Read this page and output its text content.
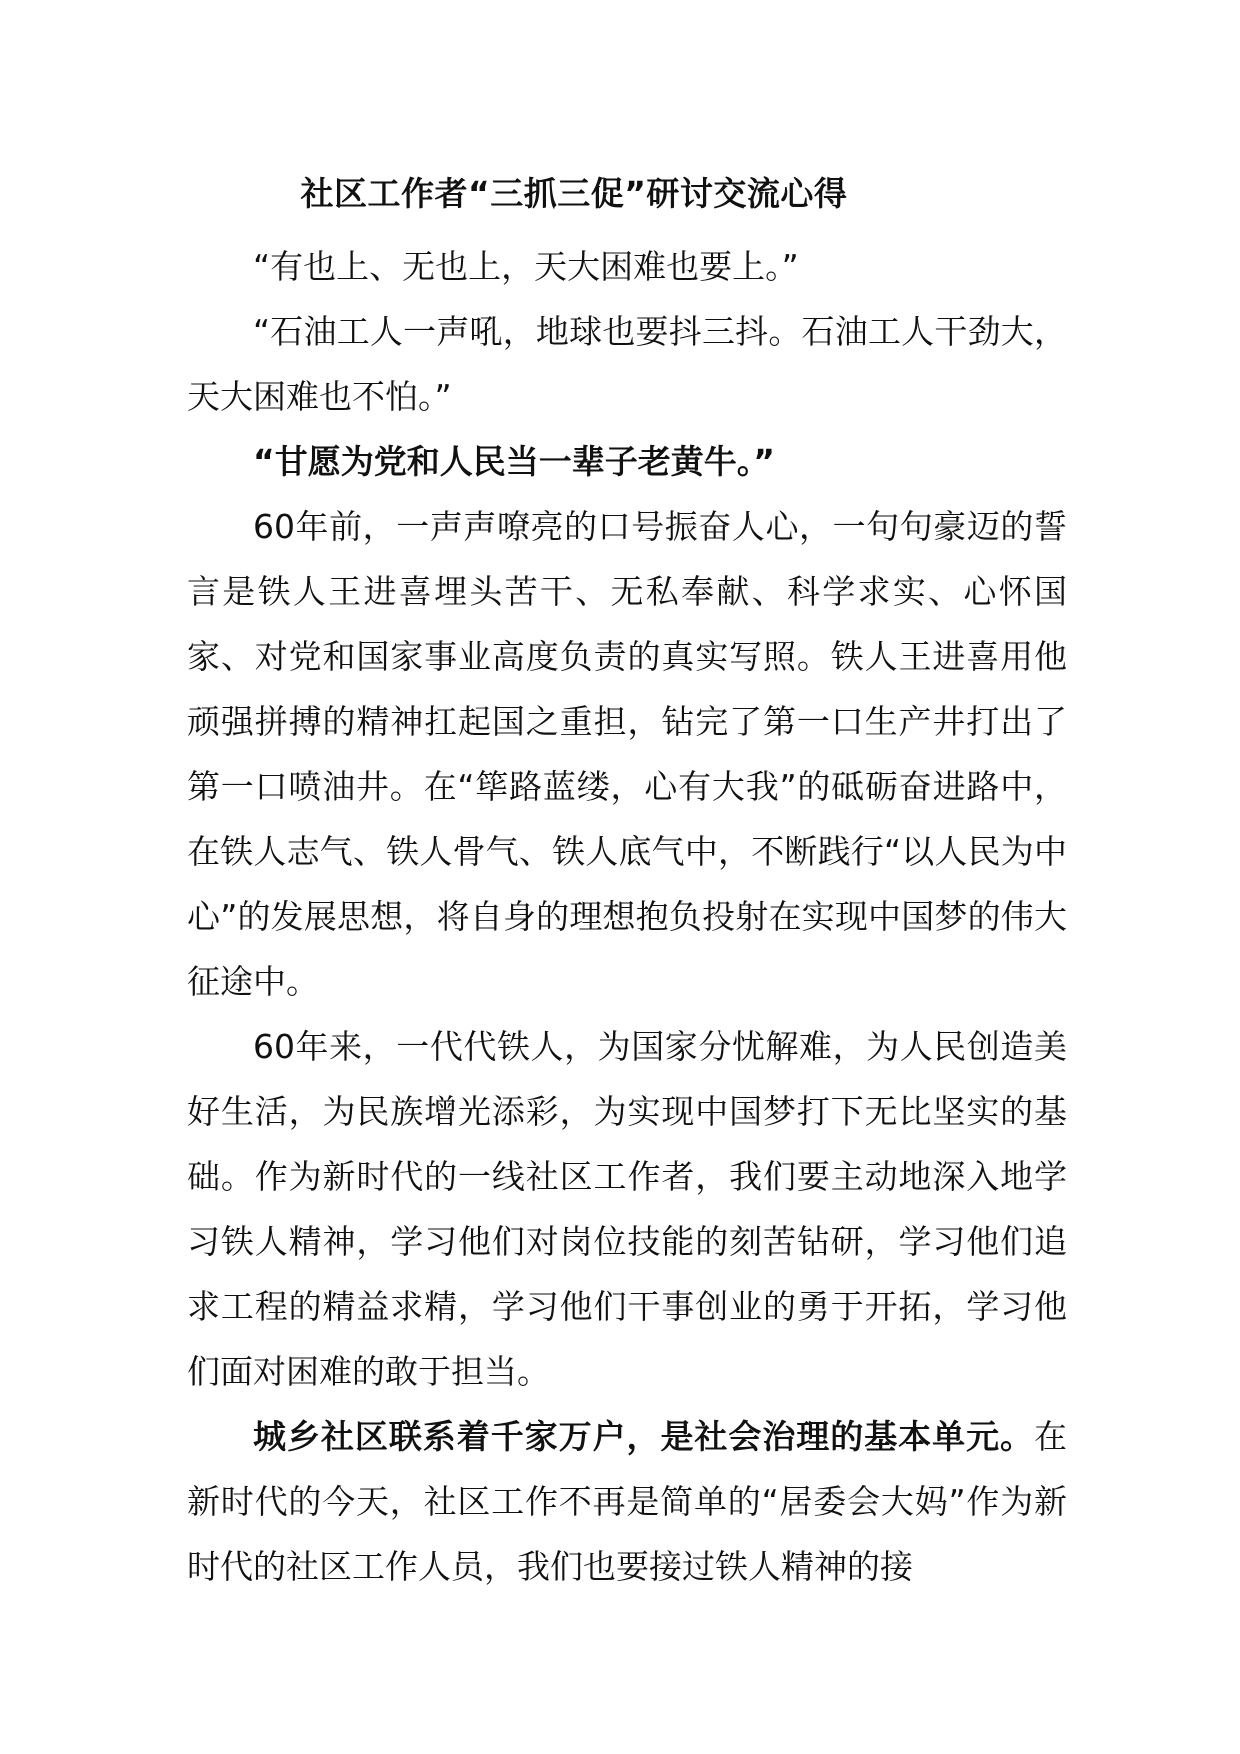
社区工作者“三抓三促”研讨交流心得

“有也上、无也上，天大困难也要上。”

“石油工人一声吼，地球也要抖三抖。石油工人干劲大，天大困难也不怕。”

“甘愿为党和人民当一辈子老黄牛。”

60年前，一声声嘹亮的口号振奋人心，一句句豪迈的誓言是铁人王进喜埋头苦干、无私奉献、科学求实、心怀国家、对党和国家事业高度负责的真实写照。铁人王进喜用他顽强拼搏的精神扛起国之重担，钻完了第一口生产井打出了第一口喷油井。在“筚路蓝缕，心有大我”的砥砺奋进路中，在铁人志气、铁人骨气、铁人底气中，不断践行“以人民为中心”的发展思想，将自身的理想抱负投射在实现中国梦的伟大征途中。

60年来，一代代铁人，为国家分忧解难，为人民创造美好生活，为民族增光添彩，为实现中国梦打下无比坚实的基础。作为新时代的一线社区工作者，我们要主动地深入地学习铁人精神，学习他们对岗位技能的刻苦钻研，学习他们追求工程的精益求精，学习他们干事创业的勇于开拓，学习他们面对困难的敢于担当。

城乡社区联系着千家万户，是社会治理的基本单元。在新时代的今天，社区工作不再是简单的“居委会大妈”作为新时代的社区工作人员，我们也要接过铁人精神的接
